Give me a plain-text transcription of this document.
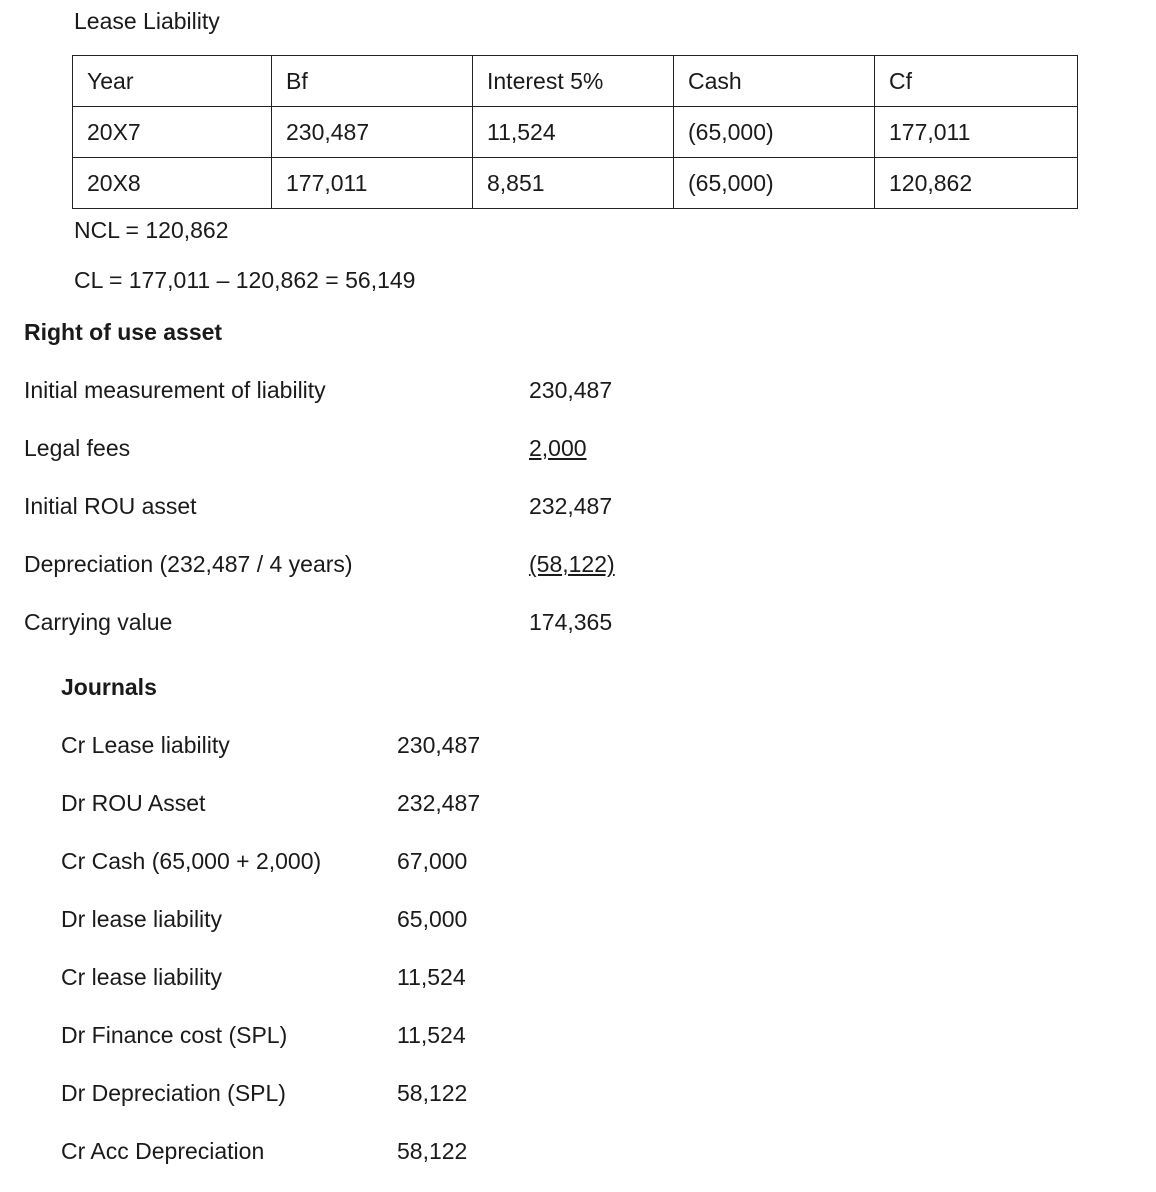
Lease Liability
Year	Bf	Interest 5%	Cash	Cf
20X7	230,487	11,524	(65,000)	177,011
20X8	177,011	8,851	(65,000)	120,862
NCL = 120,862
CL = 177,011 – 120,862 = 56,149
Right of use asset
Initial measurement of liability	230,487
Legal fees	2,000
Initial ROU asset	232,487
Depreciation (232,487 / 4 years)	(58,122)
Carrying value	174,365
Journals
Cr Lease liability	230,487
Dr ROU Asset	232,487
Cr Cash (65,000 + 2,000)	67,000
Dr lease liability	65,000
Cr lease liability	11,524
Dr Finance cost (SPL)	11,524
Dr Depreciation (SPL)	58,122
Cr Acc Depreciation	58,122
